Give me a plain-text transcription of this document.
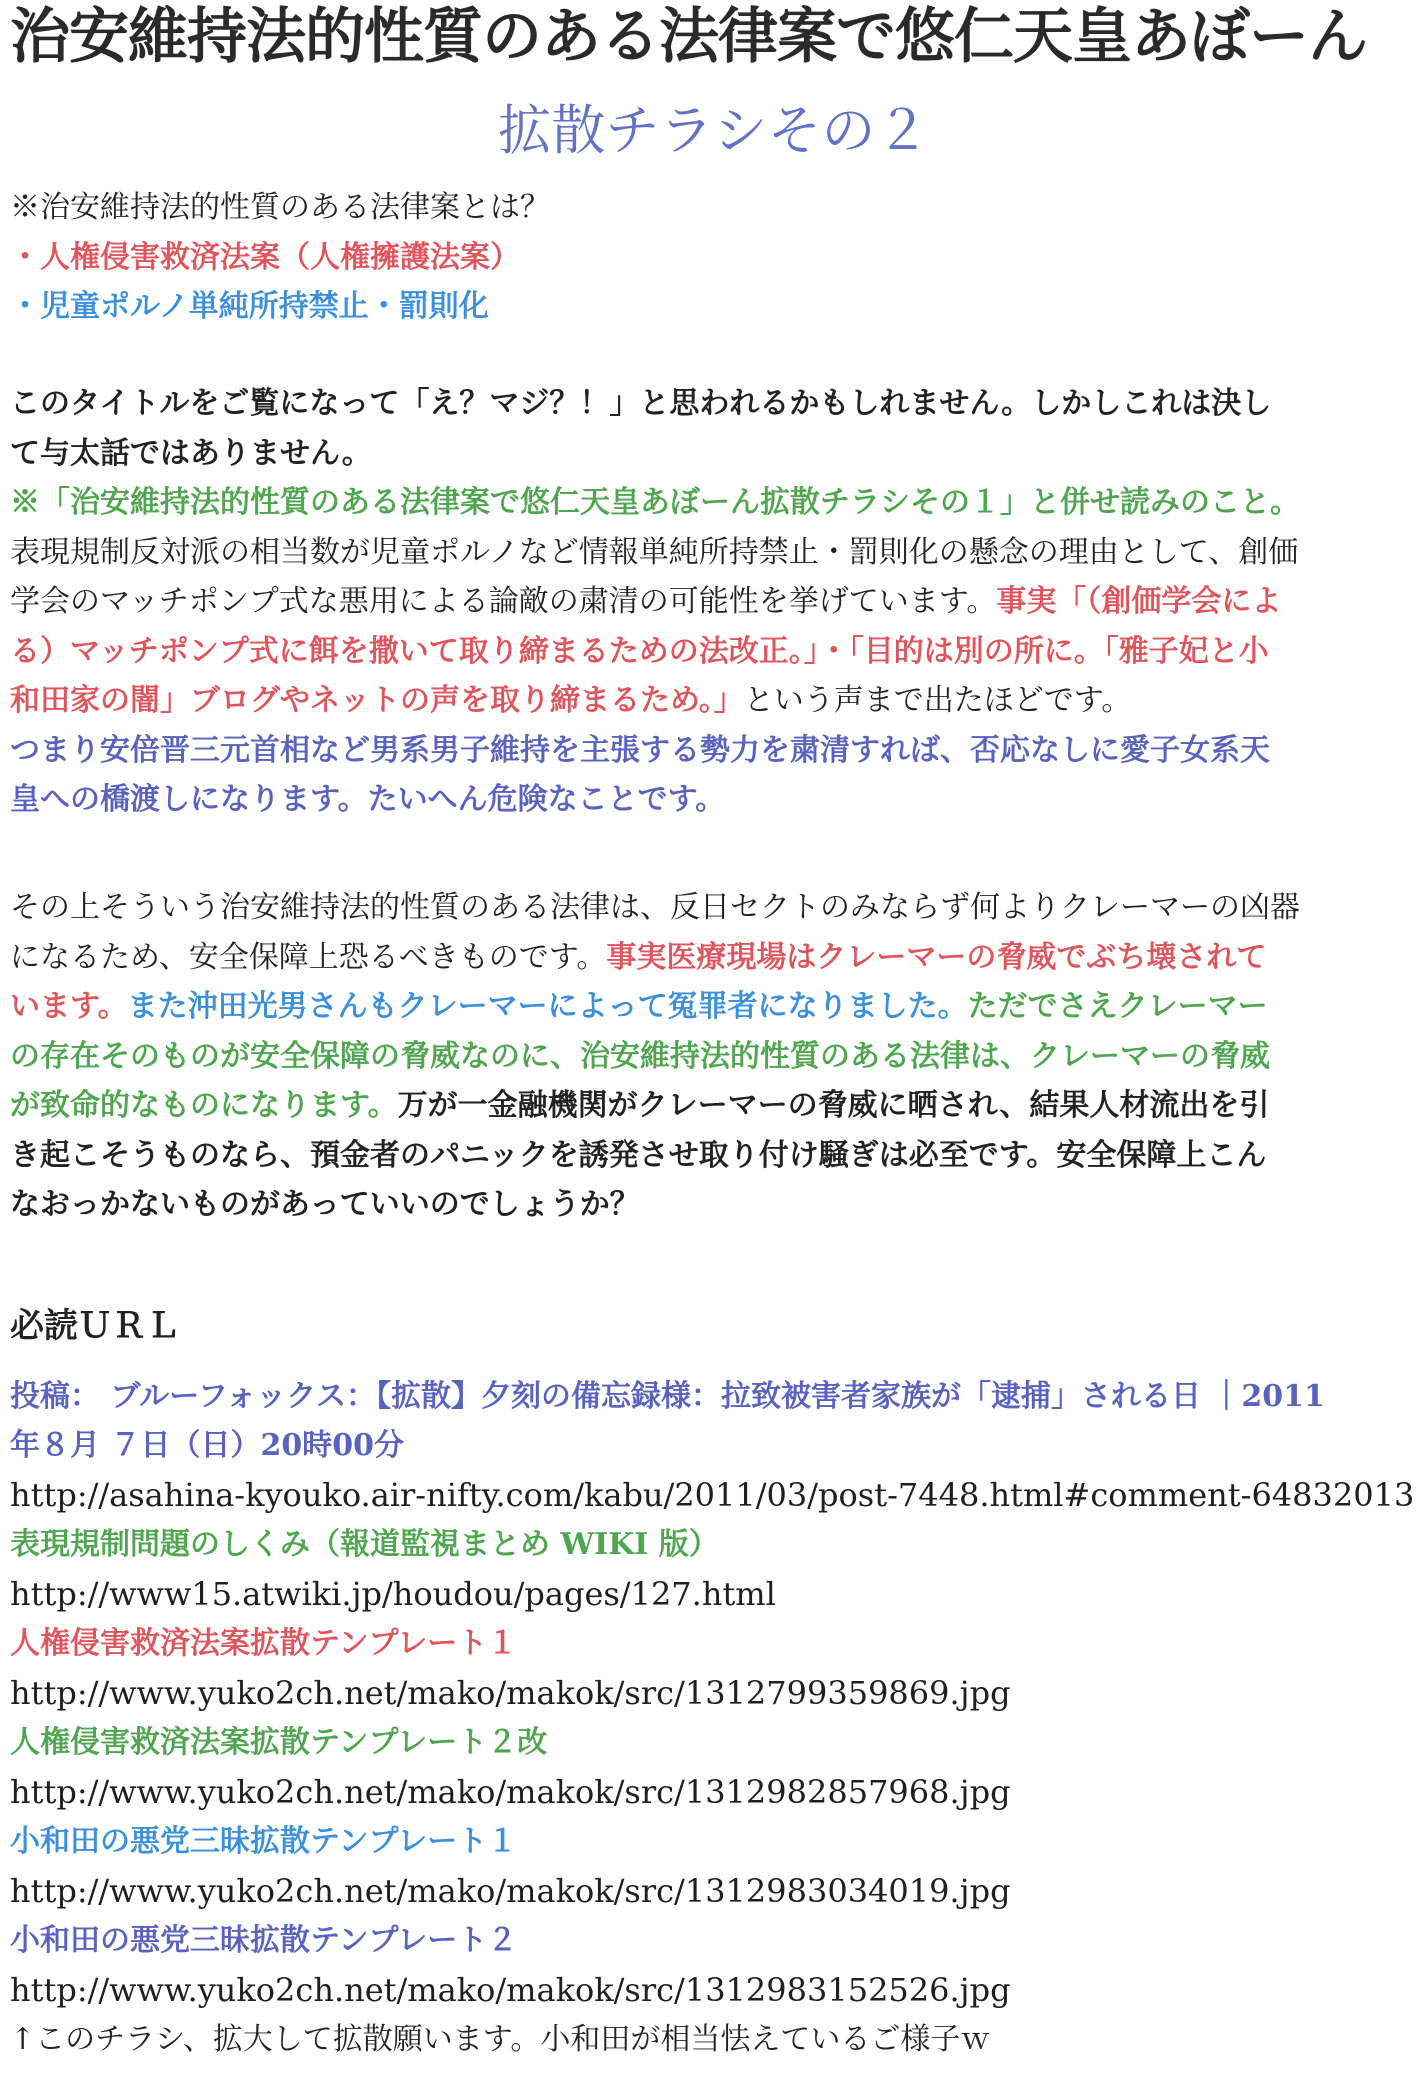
治安維持法的性質のある法律案で悠仁天皇あぼーん
拡散チラシその２
※治安維持法的性質のある法律案とは？
・人権侵害救済法案（人権擁護法案）
・児童ポルノ単純所持禁止・罰則化
このタイトルをご覧になって「え？マジ？！」と思われるかもしれません。しかしこれは決し
て与太話ではありません。
※「治安維持法的性質のある法律案で悠仁天皇あぼーん拡散チラシその１」と併せ読みのこと。
表現規制反対派の相当数が児童ポルノなど情報単純所持禁止・罰則化の懸念の理由として、創価
学会のマッチポンプ式な悪用による論敵の粛清の可能性を挙げています。事実「（創価学会によ
る）マッチポンプ式に餌を撒いて取り締まるための法改正。」・「目的は別の所に。「雅子妃と小
和田家の闇」ブログやネットの声を取り締まるため。」という声まで出たほどです。
つまり安倍晋三元首相など男系男子維持を主張する勢力を粛清すれば、否応なしに愛子女系天
皇への橋渡しになります。たいへん危険なことです。
その上そういう治安維持法的性質のある法律は、反日セクトのみならず何よりクレーマーの凶器
になるため、安全保障上恐るべきものです。事実医療現場はクレーマーの脅威でぶち壊されて
います。また沖田光男さんもクレーマーによって冤罪者になりました。ただでさえクレーマー
の存在そのものが安全保障の脅威なのに、治安維持法的性質のある法律は、クレーマーの脅威
が致命的なものになります。万が一金融機関がクレーマーの脅威に晒され、結果人材流出を引
き起こそうものなら、預金者のパニックを誘発させ取り付け騒ぎは必至です。安全保障上こん
なおっかないものがあっていいのでしょうか？
必読ＵＲＬ
投稿： ブルーフォックス：【拡散】夕刻の備忘録様：拉致被害者家族が「逮捕」される日 ｜2011
年８月 ７日（日）20時00分
http://asahina-kyouko.air-nifty.com/kabu/2011/03/post-7448.html#comment-64832013
表現規制問題のしくみ（報道監視まとめ WIKI 版）
http://www15.atwiki.jp/houdou/pages/127.html
人権侵害救済法案拡散テンプレート１
http://www.yuko2ch.net/mako/makok/src/1312799359869.jpg
人権侵害救済法案拡散テンプレート２改
http://www.yuko2ch.net/mako/makok/src/1312982857968.jpg
小和田の悪党三昧拡散テンプレート１
http://www.yuko2ch.net/mako/makok/src/1312983034019.jpg
小和田の悪党三昧拡散テンプレート２
http://www.yuko2ch.net/mako/makok/src/1312983152526.jpg
↑このチラシ、拡大して拡散願います。小和田が相当怯えているご様子ｗ
